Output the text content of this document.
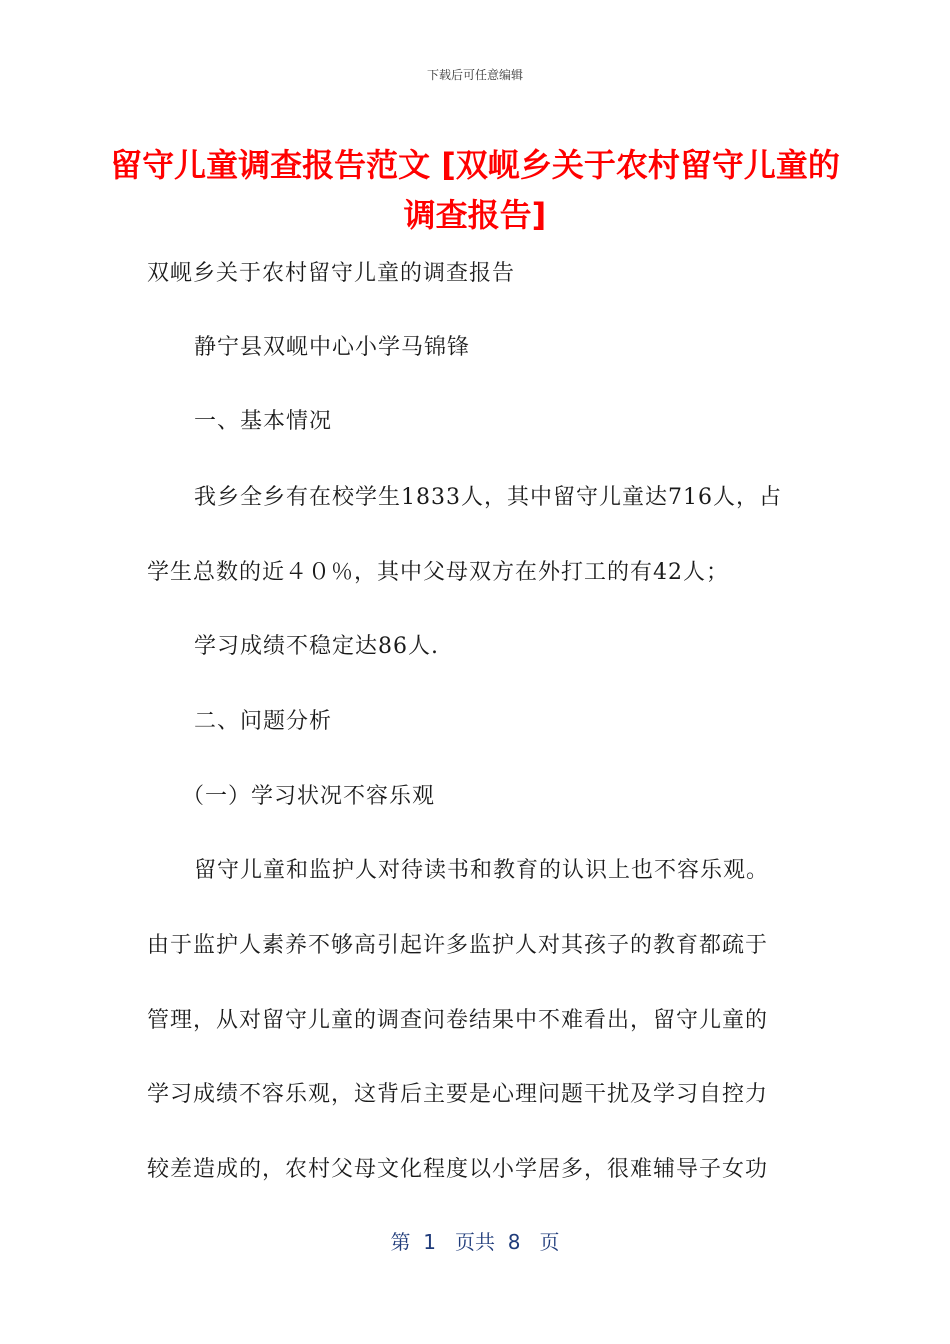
下载后可任意编辑
留守儿童调查报告范文 [双岘乡关于农村留守儿童的调查报告]

双岘乡关于农村留守儿童的调查报告

静宁县双岘中心小学马锦锋

一、基本情况

我乡全乡有在校学生1833人，其中留守儿童达716人，占

学生总数的近４０％，其中父母双方在外打工的有42人；

学习成绩不稳定达86人.

二、问题分析

（一）学习状况不容乐观

留守儿童和监护人对待读书和教育的认识上也不容乐观。

由于监护人素养不够高引起许多监护人对其孩子的教育都疏于

管理，从对留守儿童的调查问卷结果中不难看出，留守儿童的

学习成绩不容乐观，这背后主要是心理问题干扰及学习自控力

较差造成的，农村父母文化程度以小学居多，很难辅导子女功

第  1   页共  8   页
